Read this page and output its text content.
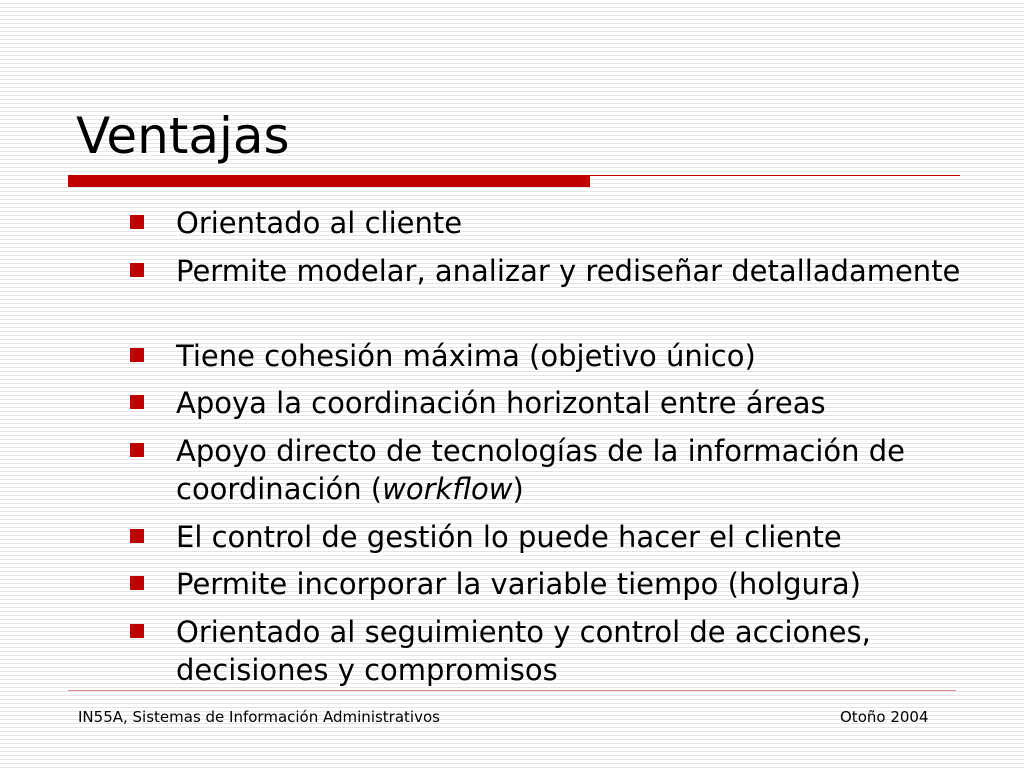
Ventajas
Orientado al cliente
Permite modelar, analizar y rediseñar detalladamente
Tiene cohesión máxima (objetivo único)
Apoya la coordinación horizontal entre áreas
Apoyo directo de tecnologías de la información de coordinación (workflow)
El control de gestión lo puede hacer el cliente
Permite incorporar la variable tiempo (holgura)
Orientado al seguimiento y control de acciones, decisiones y compromisos
IN55A, Sistemas de Información Administrativos	Otoño 2004
